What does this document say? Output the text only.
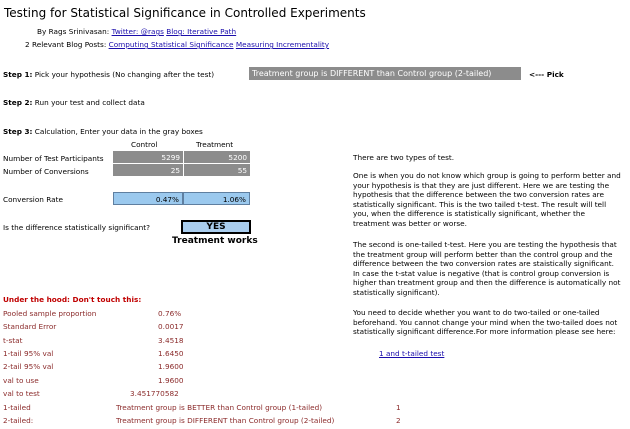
Testing for Statistical Significance in Controlled Experiments
By Rags Srinivasan: Twitter: @rags Blog: Iterative Path
2 Relevant Blog Posts: Computing Statistical Significance Measuring Incrementality
Step 1: Pick your hypothesis (No changing after the test)	Treatment group is DIFFERENT than Control group (2-tailed)	<--- Pick
Step 2: Run your test and collect data
Step 3: Calculation, Enter your data in the gray boxes
Control	Treatment
Number of Test Participants	5299	5200
Number of Conversions	25	55
Conversion Rate	0.47%	1.06%
Is the difference statistically significant?	YES
Treatment works
Under the hood: Don't touch this:
Pooled sample proportion	0.76%
Standard Error	0.0017
t-stat	3.4518
1-tail 95% val	1.6450
2-tail 95% val	1.9600
val to use	1.9600
val to test	3.451770582
1-tailed	Treatment group is BETTER than Control group (1-tailed)	1
2-tailed:	Treatment group is DIFFERENT than Control group (2-tailed)	2
There are two types of test.
One is when you do not know which group is going to perform better and your hypothesis is that they are just different. Here we are testing the hypothesis that the difference between the two conversion rates are statistically significant. This is the two tailed t-test. The result will tell you, when the difference is statistically significant, whether the treatment was better or worse.
The second is one-tailed t-test. Here you are testing the hypothesis that the treatment group will perform better than the control group and the difference between the two conversion rates are staistically significant. In case the t-stat value is negative (that is control group conversion is higher than treatment group and then the difference is automatically not statistically significant).
You need to decide whether you want to do two-tailed or one-tailed beforehand. You cannot change your mind when the two-tailed does not statistically significant difference.For more information please see here:
1 and t-tailed test
